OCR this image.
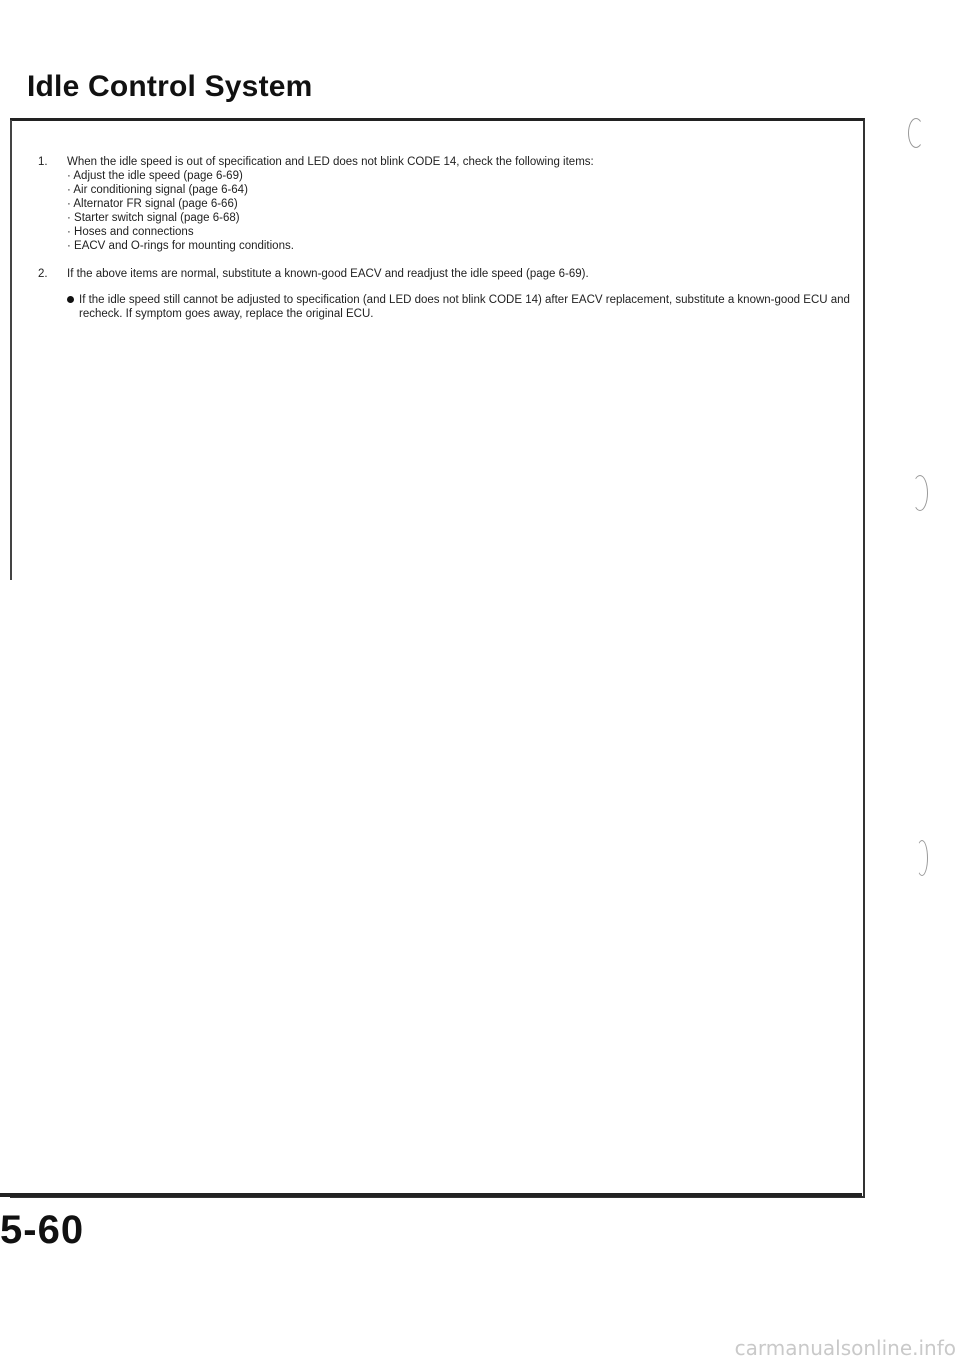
Idle Control System
1. When the idle speed is out of specification and LED does not blink CODE 14, check the following items:
· Adjust the idle speed (page 6-69)
· Air conditioning signal (page 6-64)
· Alternator FR signal (page 6-66)
· Starter switch signal (page 6-68)
· Hoses and connections
· EACV and O-rings for mounting conditions.
2. If the above items are normal, substitute a known-good EACV and readjust the idle speed (page 6-69).
If the idle speed still cannot be adjusted to specification (and LED does not blink CODE 14) after EACV replacement, substitute a known-good ECU and recheck. If symptom goes away, replace the original ECU.
5-60
carmanualsonline.info
